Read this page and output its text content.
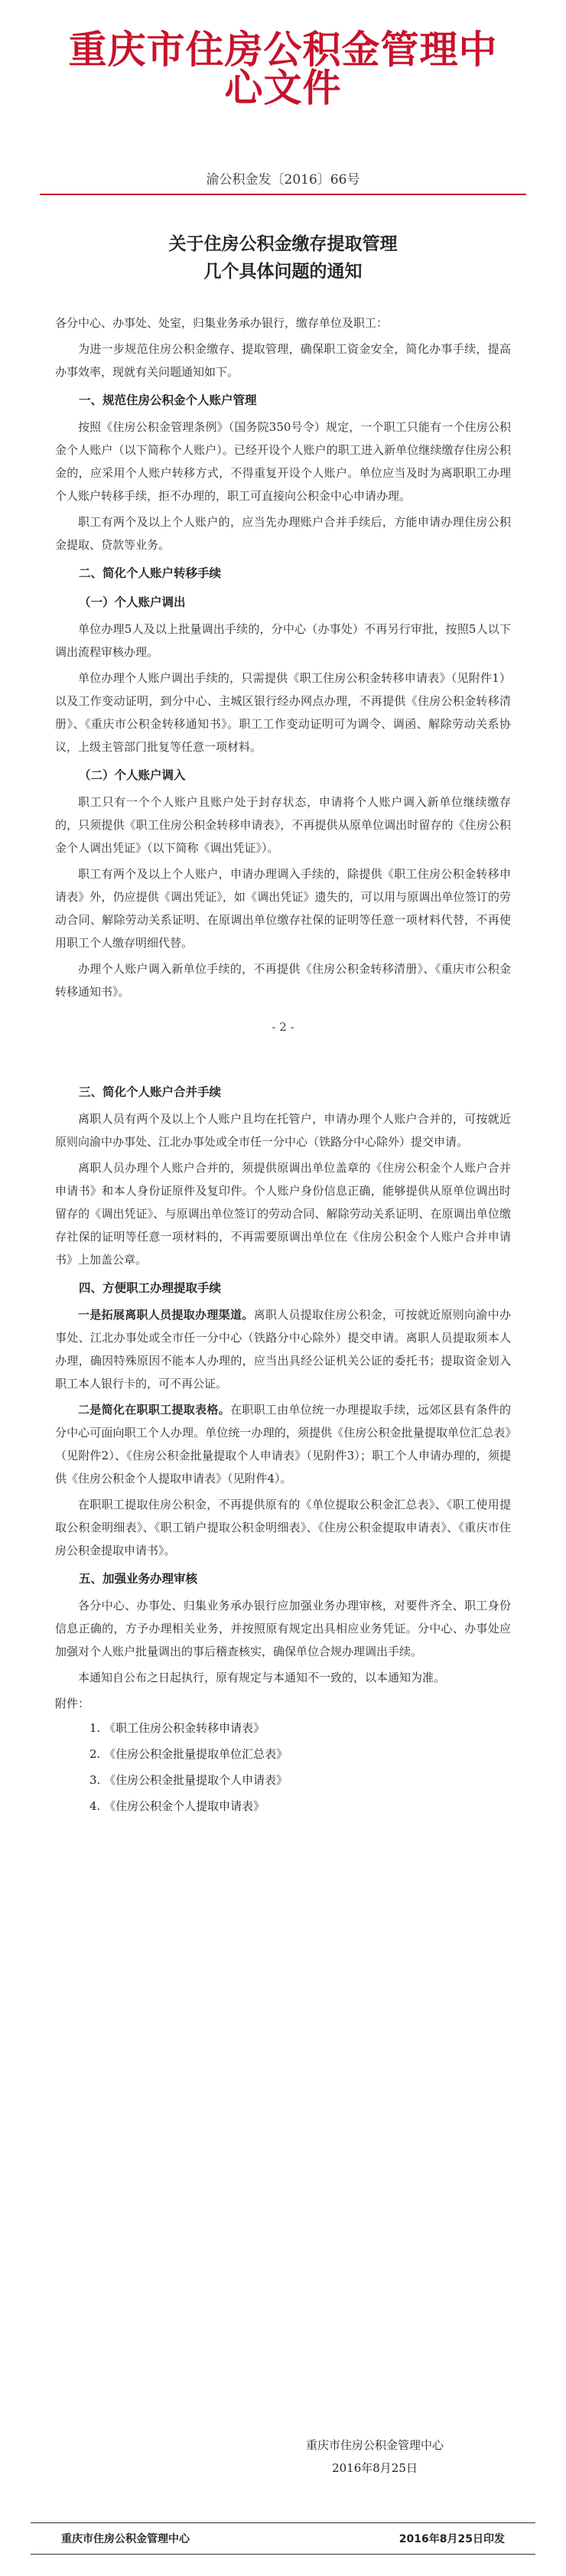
重庆市住房公积金管理中心文件
渝公积金发〔2016〕66号
关于住房公积金缴存提取管理
几个具体问题的通知

各分中心、办事处、处室，归集业务承办银行，缴存单位及职工：

为进一步规范住房公积金缴存、提取管理，确保职工资金安全，简化办事手续，提高办事效率，现就有关问题通知如下。

一、规范住房公积金个人账户管理

按照《住房公积金管理条例》（国务院350号令）规定，一个职工只能有一个住房公积金个人账户（以下简称个人账户）。已经开设个人账户的职工进入新单位继续缴存住房公积金的，应采用个人账户转移方式，不得重复开设个人账户。单位应当及时为离职职工办理个人账户转移手续，拒不办理的，职工可直接向公积金中心申请办理。

职工有两个及以上个人账户的，应当先办理账户合并手续后，方能申请办理住房公积金提取、贷款等业务。

二、简化个人账户转移手续
（一）个人账户调出

单位办理5人及以上批量调出手续的，分中心（办事处）不再另行审批，按照5人以下调出流程审核办理。

单位办理个人账户调出手续的，只需提供《职工住房公积金转移申请表》（见附件1）以及工作变动证明，到分中心、主城区银行经办网点办理，不再提供《住房公积金转移清册》、《重庆市公积金转移通知书》。职工工作变动证明可为调令、调函、解除劳动关系协议，上级主管部门批复等任意一项材料。

（二）个人账户调入

职工只有一个个人账户且账户处于封存状态，申请将个人账户调入新单位继续缴存的，只须提供《职工住房公积金转移申请表》，不再提供从原单位调出时留存的《住房公积金个人调出凭证》（以下简称《调出凭证》）。

职工有两个及以上个人账户，申请办理调入手续的，除提供《职工住房公积金转移申请表》外，仍应提供《调出凭证》，如《调出凭证》遗失的，可以用与原调出单位签订的劳动合同、解除劳动关系证明、在原调出单位缴存社保的证明等任意一项材料代替，不再使用职工个人缴存明细代替。

办理个人账户调入新单位手续的，不再提供《住房公积金转移清册》、《重庆市公积金转移通知书》。

- 2 -
三、简化个人账户合并手续

离职人员有两个及以上个人账户且均在托管户，申请办理个人账户合并的，可按就近原则向渝中办事处、江北办事处或全市任一分中心（铁路分中心除外）提交申请。

离职人员办理个人账户合并的，须提供原调出单位盖章的《住房公积金个人账户合并申请书》和本人身份证原件及复印件。个人账户身份信息正确，能够提供从原单位调出时留存的《调出凭证》、与原调出单位签订的劳动合同、解除劳动关系证明、在原调出单位缴存社保的证明等任意一项材料的，不再需要原调出单位在《住房公积金个人账户合并申请书》上加盖公章。

四、方便职工办理提取手续

一是拓展离职人员提取办理渠道。离职人员提取住房公积金，可按就近原则向渝中办事处、江北办事处或全市任一分中心（铁路分中心除外）提交申请。离职人员提取须本人办理，确因特殊原因不能本人办理的，应当出具经公证机关公证的委托书；提取资金划入职工本人银行卡的，可不再公证。

二是简化在职职工提取表格。在职职工由单位统一办理提取手续，远郊区县有条件的分中心可面向职工个人办理。单位统一办理的，须提供《住房公积金批量提取单位汇总表》（见附件2）、《住房公积金批量提取个人申请表》（见附件3）；职工个人申请办理的，须提供《住房公积金个人提取申请表》（见附件4）。

在职职工提取住房公积金，不再提供原有的《单位提取公积金汇总表》、《职工使用提取公积金明细表》、《职工销户提取公积金明细表》、《住房公积金提取申请表》、《重庆市住房公积金提取申请书》。

五、加强业务办理审核

各分中心、办事处、归集业务承办银行应加强业务办理审核，对要件齐全、职工身份信息正确的，方予办理相关业务，并按照原有规定出具相应业务凭证。分中心、办事处应加强对个人账户批量调出的事后稽查核实，确保单位合规办理调出手续。

本通知自公布之日起执行，原有规定与本通知不一致的，以本通知为准。

附件：
1. 《职工住房公积金转移申请表》
2. 《住房公积金批量提取单位汇总表》
3. 《住房公积金批量提取个人申请表》
4. 《住房公积金个人提取申请表》
重庆市住房公积金管理中心
2016年8月25日
重庆市住房公积金管理中心	2016年8月25日印发
